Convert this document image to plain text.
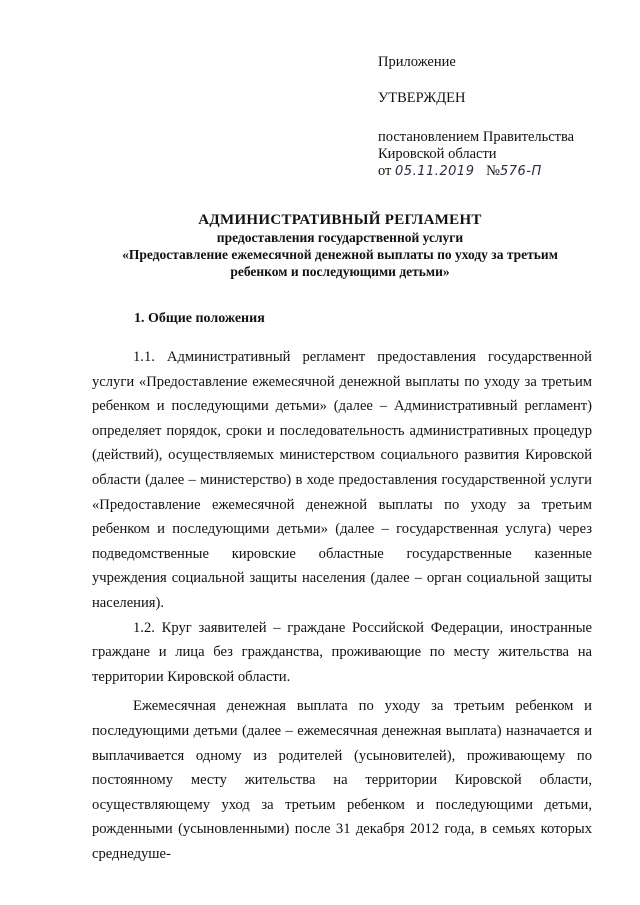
Приложение
УТВЕРЖДЕН
постановлением Правительства
Кировской области
от 05.11.2019 №576-П
АДМИНИСТРАТИВНЫЙ РЕГЛАМЕНТ
предоставления государственной услуги
«Предоставление ежемесячной денежной выплаты по уходу за третьим
ребенком и последующими детьми»
1. Общие положения

1.1. Административный регламент предоставления государственной услуги «Предоставление ежемесячной денежной выплаты по уходу за третьим ребенком и последующими детьми» (далее – Административный регламент) определяет порядок, сроки и последовательность административных процедур (действий), осуществляемых министерством социального развития Кировской области (далее – министерство) в ходе предоставления государственной услуги «Предоставление ежемесячной денежной выплаты по уходу за третьим ребенком и последующими детьми» (далее – государственная услуга) через подведомственные кировские областные государственные казенные учреждения социальной защиты населения (далее – орган социальной защиты населения).

1.2. Круг заявителей – граждане Российской Федерации, иностранные граждане и лица без гражданства, проживающие по месту жительства на территории Кировской области.

Ежемесячная денежная выплата по уходу за третьим ребенком и последующими детьми (далее – ежемесячная денежная выплата) назначается и выплачивается одному из родителей (усыновителей), проживающему по постоянному месту жительства на территории Кировской области, осуществляющему уход за третьим ребенком и последующими детьми, рожденными (усыновленными) после 31 декабря 2012 года, в семьях которых среднедуше-
